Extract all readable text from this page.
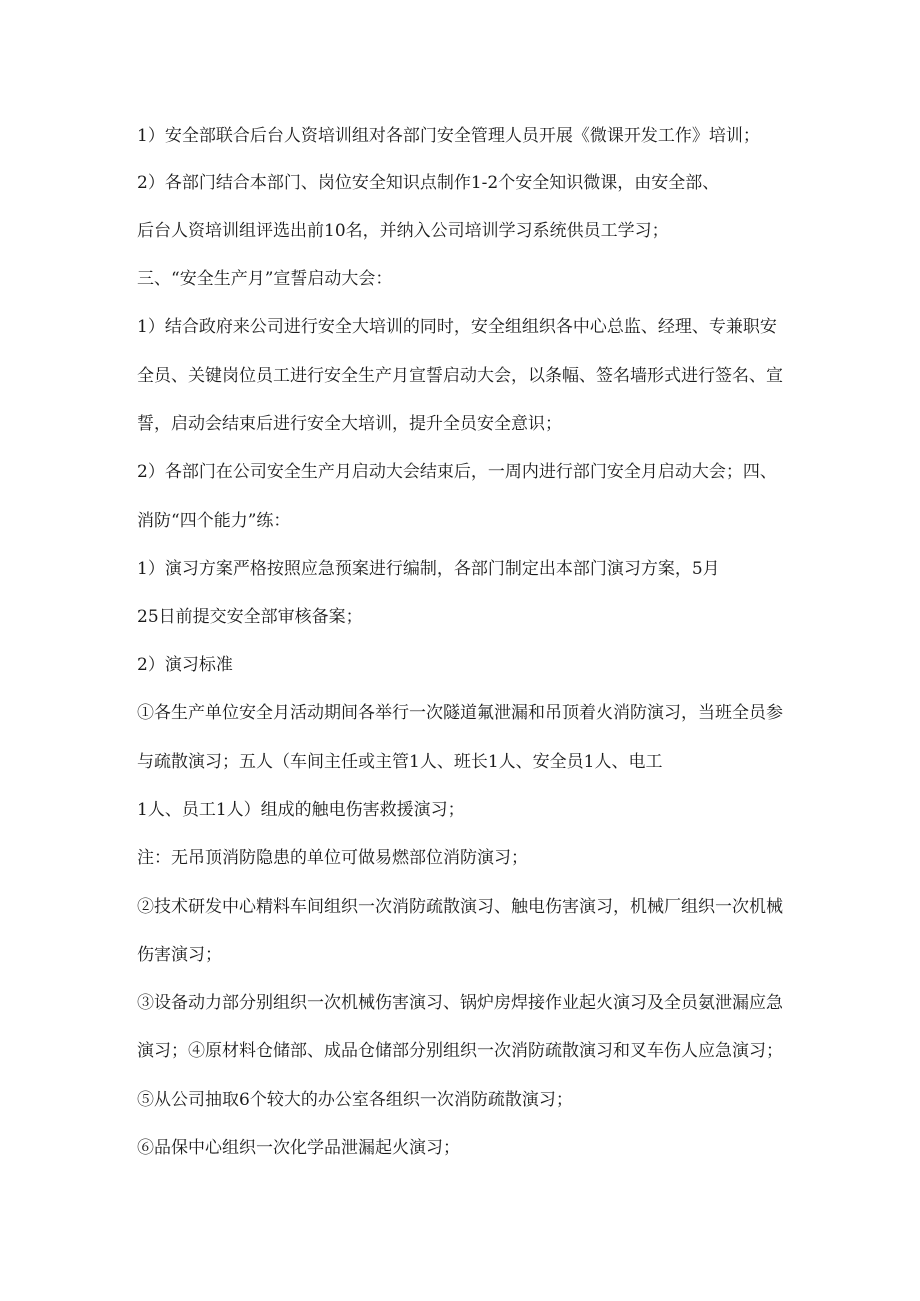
1）安全部联合后台人资培训组对各部门安全管理人员开展《微课开发工作》培训；
2）各部门结合本部门、岗位安全知识点制作1-2个安全知识微课，由安全部、
后台人资培训组评选出前10名，并纳入公司培训学习系统供员工学习；
三、“安全生产月”宣誓启动大会：
1）结合政府来公司进行安全大培训的同时，安全组组织各中心总监、经理、专兼职安
全员、关键岗位员工进行安全生产月宣誓启动大会，以条幅、签名墙形式进行签名、宣
誓，启动会结束后进行安全大培训，提升全员安全意识；
2）各部门在公司安全生产月启动大会结束后，一周内进行部门安全月启动大会；四、
消防“四个能力”练：
1）演习方案严格按照应急预案进行编制，各部门制定出本部门演习方案，5月
25日前提交安全部审核备案；
2）演习标准
①各生产单位安全月活动期间各举行一次隧道氟泄漏和吊顶着火消防演习，当班全员参
与疏散演习；五人（车间主任或主管1人、班长1人、安全员1人、电工
1人、员工1人）组成的触电伤害救援演习；
注：无吊顶消防隐患的单位可做易燃部位消防演习；
②技术研发中心精料车间组织一次消防疏散演习、触电伤害演习，机械厂组织一次机械
伤害演习；
③设备动力部分别组织一次机械伤害演习、锅炉房焊接作业起火演习及全员氨泄漏应急
演习；④原材料仓储部、成品仓储部分别组织一次消防疏散演习和叉车伤人应急演习；
⑤从公司抽取6个较大的办公室各组织一次消防疏散演习；
⑥品保中心组织一次化学品泄漏起火演习；
